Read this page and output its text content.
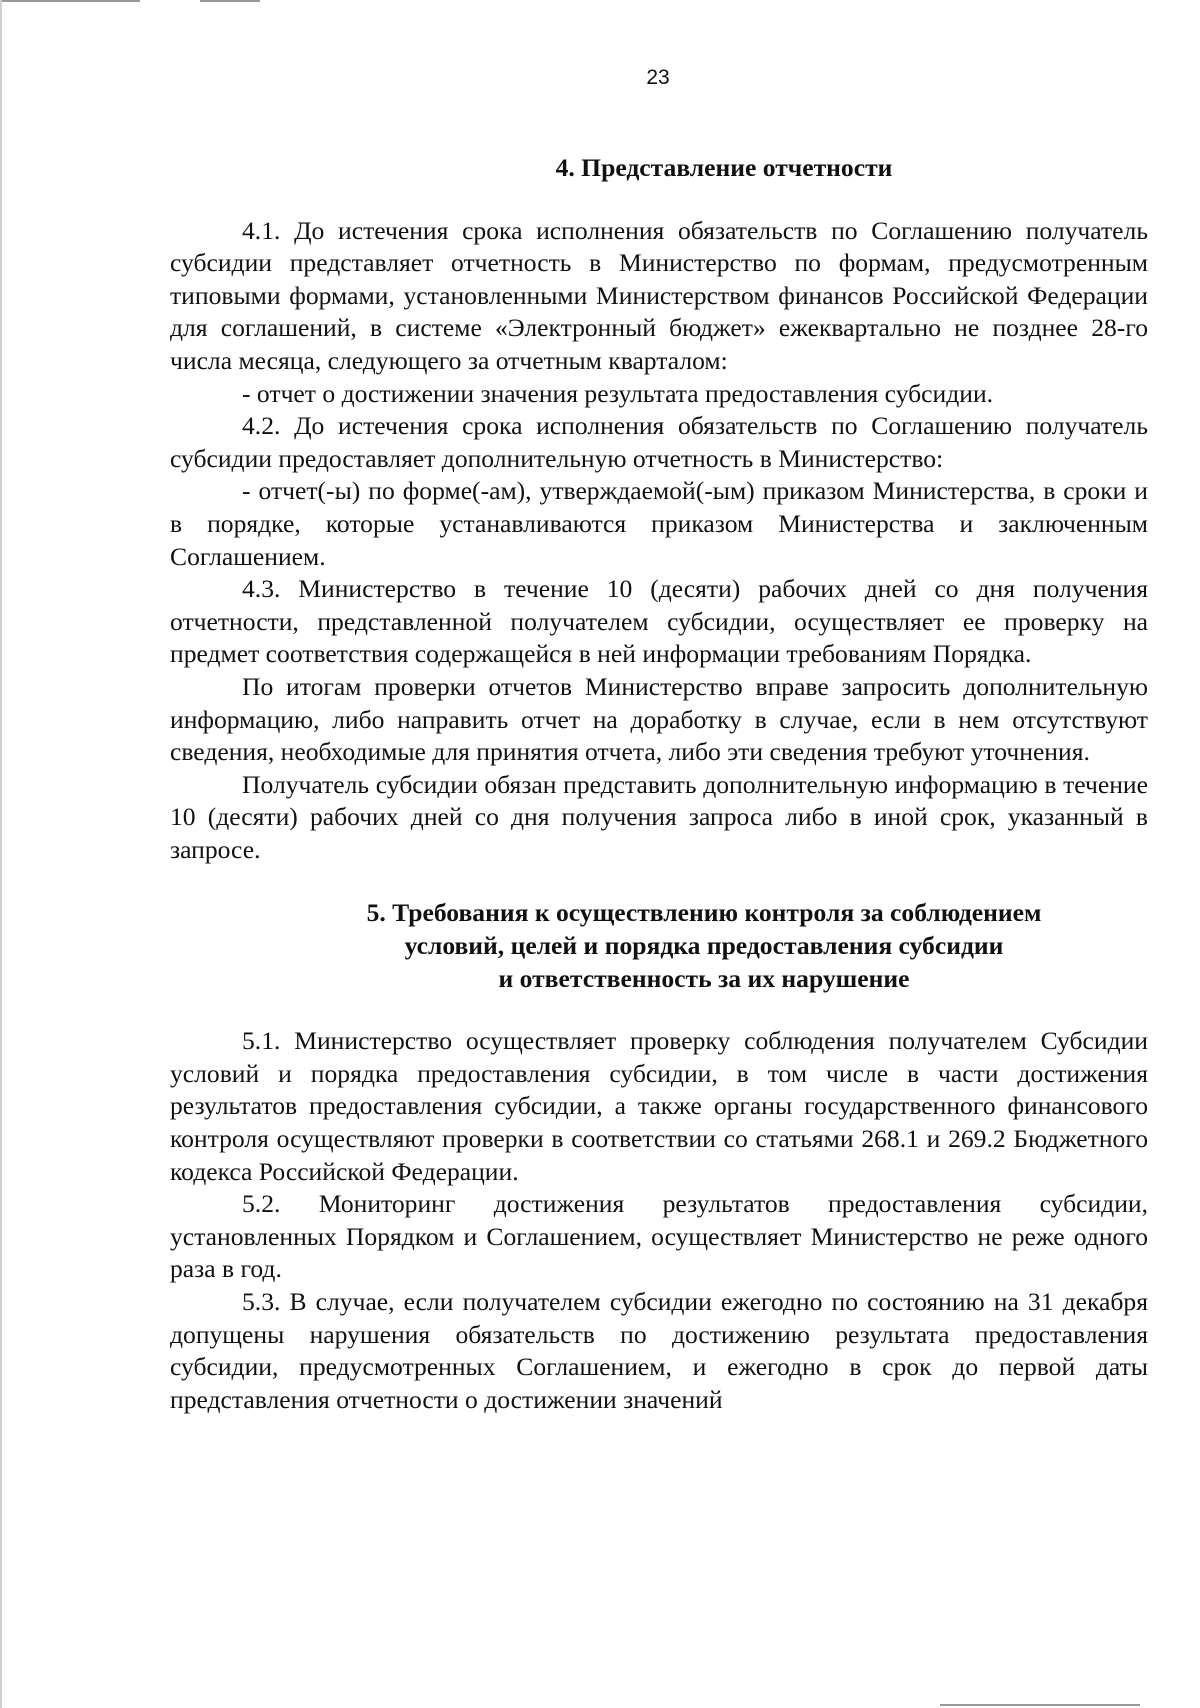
23

4. Представление отчетности

4.1. До истечения срока исполнения обязательств по Соглашению получатель субсидии представляет отчетность в Министерство по формам, предусмотренным типовыми формами, установленными Министерством финансов Российской Федерации для соглашений, в системе «Электронный бюджет» ежеквартально не позднее 28-го числа месяца, следующего за отчетным кварталом:

- отчет о достижении значения результата предоставления субсидии.

4.2. До истечения срока исполнения обязательств по Соглашению получатель субсидии предоставляет дополнительную отчетность в Министерство:

- отчет(-ы) по форме(-ам), утверждаемой(-ым) приказом Министерства, в сроки и в порядке, которые устанавливаются приказом Министерства и заключенным Соглашением.

4.3. Министерство в течение 10 (десяти) рабочих дней со дня получения отчетности, представленной получателем субсидии, осуществляет ее проверку на предмет соответствия содержащейся в ней информации требованиям Порядка.

По итогам проверки отчетов Министерство вправе запросить дополнительную информацию, либо направить отчет на доработку в случае, если в нем отсутствуют сведения, необходимые для принятия отчета, либо эти сведения требуют уточнения.

Получатель субсидии обязан представить дополнительную информацию в течение 10 (десяти) рабочих дней со дня получения запроса либо в иной срок, указанный в запросе.

5. Требования к осуществлению контроля за соблюдением
условий, целей и порядка предоставления субсидии
и ответственность за их нарушение

5.1. Министерство осуществляет проверку соблюдения получателем Субсидии условий и порядка предоставления субсидии, в том числе в части достижения результатов предоставления субсидии, а также органы государственного финансового контроля осуществляют проверки в соответствии со статьями 268.1 и 269.2 Бюджетного кодекса Российской Федерации.

5.2. Мониторинг достижения результатов предоставления субсидии, установленных Порядком и Соглашением, осуществляет Министерство не реже одного раза в год.

5.3. В случае, если получателем субсидии ежегодно по состоянию на 31 декабря допущены нарушения обязательств по достижению результата предоставления субсидии, предусмотренных Соглашением, и ежегодно в срок до первой даты представления отчетности о достижении значений
